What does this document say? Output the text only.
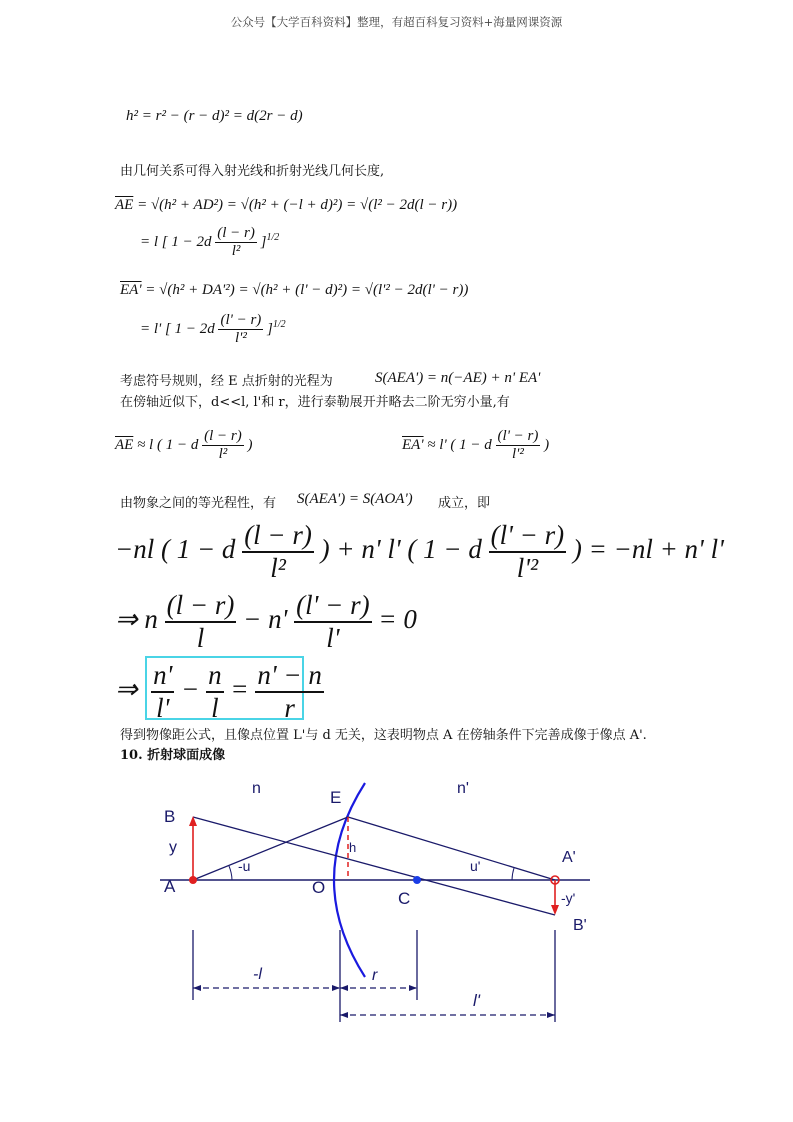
公众号【大学百科资料】整理，有超百科复习资料+海量网课资源
h² = r² − (r − d)² = d(2r − d)
由几何关系可得入射光线和折射光线几何长度,
$\overline{AE} = √(h^2 + AD^2) = √(h^2 + (-l + d)^2) = √(l^2 - 2d(l - r))$
= l [ $1 - 2d \frac{(l - r)}{\text{l²}} ]^{1/2}$
EA' = √(h² + DA'²) = √(h² + (l' − d)²) = √(l'² − 2d(l' − r))
= l' [ $1 - 2d \frac{(l' - r)}{\text{l'²}} ]^{1/2}$
考虑符号规则，经 E 点折射的光程为	S(AEA') = n(−AE) + n' EA'
在傍轴近似下，d<<l, l'和 r，进行泰勒展开并略去二阶无穷小量,有
$\overline{AE} \approx l$ ( 1 − d $\frac{(l - r)}{\text{l²}}$ )	EA' ≈ l' ( 1 − d $\frac{(l' - r)}{\text{l'²}}$ )
由物象之间的等光程性，有 S(AEA') = S(AOA') 成立，即
−nl ( 1 − d $\frac{(l - r)}{\text{l²}}$ ) + n' l' ( 1 − d $\frac{(l' - r)}{\text{l'²}}$ ) = −nl + n' l'
⇒ n $\frac{(l - r)}{l} - n' \frac{(l' - r)}{l'} = 0$
⇒ $\frac{n'}{l'} - \frac{n}{l} = \frac{n' - n}{r}$
得到物像距公式，且像点位置 L'与 d 无关，这表明物点 A 在傍轴条件下完善成像于像点 A'.
10. 折射球面成像
n	n'
E
B
y
A	O
C
A'
B'
-y'
-u	u'
h
-l	r
l'
